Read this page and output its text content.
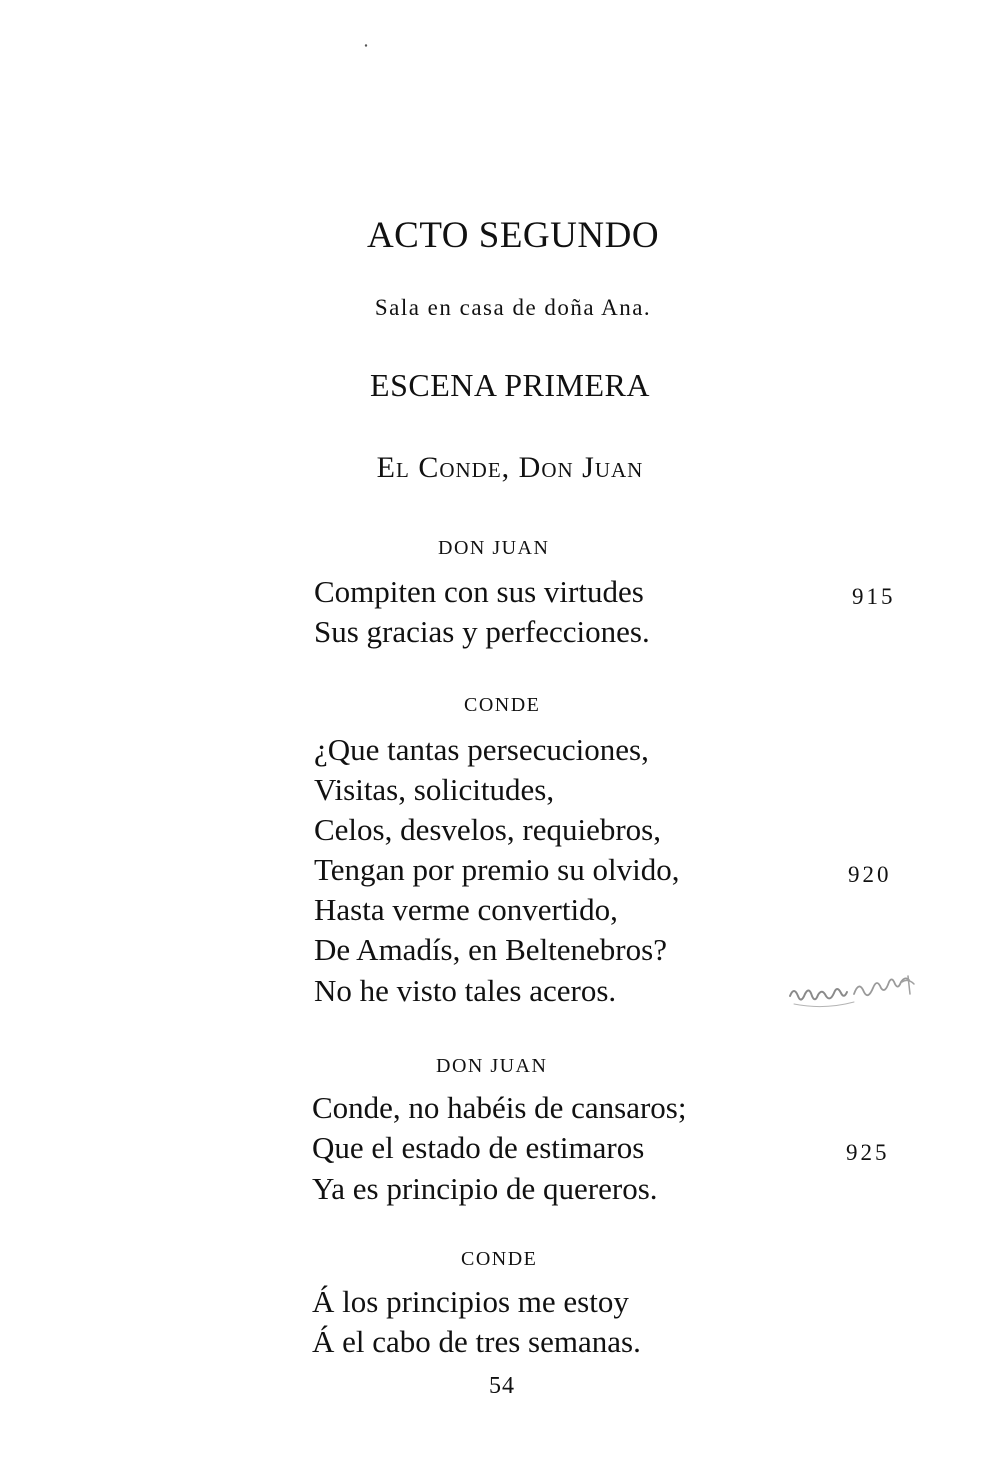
ACTO SEGUNDO
Sala en casa de doña Ana.
ESCENA PRIMERA
El Conde, Don Juan
DON JUAN
Compiten con sus virtudes	915
Sus gracias y perfecciones.
CONDE
¿Que tantas persecuciones,
Visitas, solicitudes,
Celos, desvelos, requiebros,
Tengan por premio su olvido,	920
Hasta verme convertido,
De Amadís, en Beltenebros?
No he visto tales aceros.
DON JUAN
Conde, no habéis de cansaros;
Que el estado de estimaros	925
Ya es principio de quereros.
CONDE
Á los principios me estoy
Á el cabo de tres semanas.
54
